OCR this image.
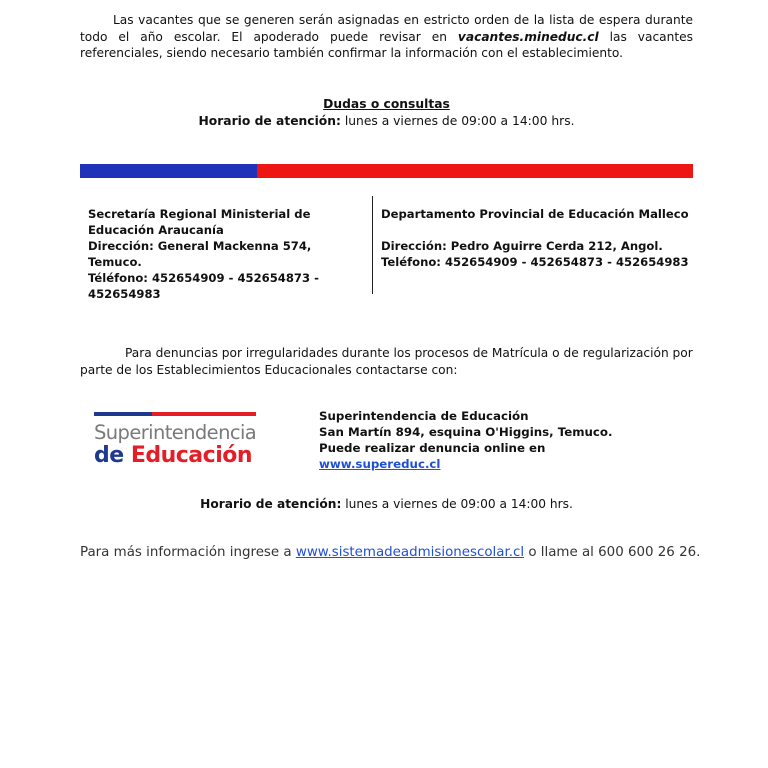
Las vacantes que se generen serán asignadas en estricto orden de la lista de espera durante todo el año escolar. El apoderado puede revisar en vacantes.mineduc.cl las vacantes referenciales, siendo necesario también confirmar la información con el establecimiento.
Dudas o consultas
Horario de atención: lunes a viernes de 09:00 a 14:00 hrs.
Secretaría Regional Ministerial de Educación Araucanía
Dirección: General Mackenna 574, Temuco.
Téléfono: 452654909 - 452654873 - 452654983
Departamento Provincial de Educación Malleco
Dirección: Pedro Aguirre Cerda 212, Angol.
Teléfono: 452654909 - 452654873 - 452654983
Para denuncias por irregularidades durante los procesos de Matrícula o de regularización por parte de los Establecimientos Educacionales contactarse con:
Superintendencia
de Educación
Superintendencia de Educación
San Martín 894, esquina O'Higgins, Temuco.
Puede realizar denuncia online en
www.supereduc.cl
Horario de atención: lunes a viernes de 09:00 a 14:00 hrs.
Para más información ingrese a www.sistemadeadmisionescolar.cl o llame al 600 600 26 26.
